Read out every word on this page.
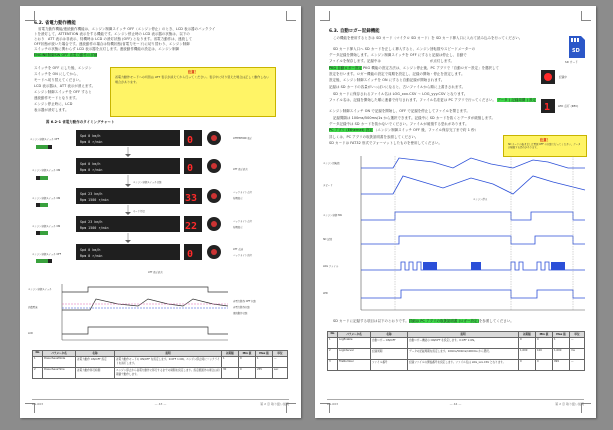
6.2. 省電力動作機能
省電力動作機能/連続動作機能は、エンジン制御スイッチ OFF（エンジン停止）のとき、LCD 表示器のバックライ
トを消灯して、ATTENTION 表示をする機能です。エンジン停止時の LCD 表示器の状態は、以下の
とおり　ATT 表示は非表示、待機時は LCD の消灯状態 (OFF) となります。省電力動作は、連続して
OFF状態が続いた場合です。連続動作の場合は待機状態(省電力モード)に切り替わり、エンジン制御
スイッチの状態に関わらず LCD 表示器を点灯します。連続動作機能の設定は、エンジン制御
ENGINE制御SW OFF 省電力動作の詳細
スイッチを OFF にした後、エンジン
スイッチを ON にしてから、
モードへ切り替えてください。
LCD 表示器は、ATT 表示が消えます。
エンジン制御スイッチを OFF すると
連続動作モードとなります。
エンジン停止時に、LCD
表示器が消灯します。
注意！
省電力動作モードへの切替は ATT 表示が消えてから行ってください。表示中に切り替えた場合は正しく動作しない場合があります。
図 6.2-1 省電力動作のタイミングチャート
エンジン制御スイッチ OFF	ATTENTION 表示
ATT 表示消去
Spd 0 km/h
Rpm 0 r/min	0
エンジン制御スイッチ ON
Spd 0 km/h
Rpm 0 r/min	0
エンジン制御スイッチ状態
エンジン制御スイッチ ON
Spd 23 km/h
Rpm 1500 r/min	33
バックライト点灯
待機表示
モード切替
エンジン制御スイッチ ON
Spd 23 km/h
Rpm 1500 r/min	22	バックライト点灯
待機表示
エンジン制御スイッチ OFF
Spd 0 km/h
Rpm 0 r/min	0	ATT 点滅
バックライト消灯
ATT 表示消去
エンジン制御スイッチ
消費電流
LCD
省電力動作 OFF 状態
省電力動作状態
連続動作状態
No	パラメータ名	名称	説明	初期値	Min 値	Max 値	単位
1	PowerSaveMode	省電力動作 ON/OFF 設定	省電力動作モードの ON/OFF を設定します。0:OFF 1:ON。エンジン停止時にバックライトを消灯します。	1	0	1	—
2	PowerSaveTime	省電力動作移行時間	エンジン停止から省電力動作に移行するまでの時間を設定します。設定範囲外の場合は初期値で動作します。	30	0	255	sec
DS-003	— 43 —	第 2 章 取り扱い説明
6.3. 自動ロガー記録機能
この機能を使用するときは SD カード（マイクロ SD カード）を SD カード挿入口に入れて読み込みを行ってください。
SD カード挿入口へ SD カードを正しく挿入すると、エンジン回転数やスピードメーターの
データ記録を開始します。エンジン制御スイッチを OFF にすると記録は停止し、自動で
ファイルを保存します。記録中は　　　　　　　　　　　　　　が点灯します。
PKG 自動ロガー設定 PKG 機能の設定方法は、エンジン停止後、PC アプリで「自動ロガー設定」を選択して
設定を行います。ロガー機能の設定で周期を設定し、記録の開始・停止を設定します。
設定後、エンジン制御スイッチを ON にすると自動記録が開始されます。
記録は SD カードの容量がいっぱいになると、古いファイルから順に上書きされます。
SD カードに保存されるファイル名は LOG_xxx.CSV 〜 LOG_yyy.CSV となります。
ファイル名は、記録を開始した順に連番で付与されます。ファイル名変更は PC アプリで行ってください。 データ ( 記録周期 ) 設定
エンジン制御スイッチ ON で記録を開始し、OFF で記録を停止してファイルを閉じます。
記録間隔は 100ms/500ms/1s から選択できます。記録中に SD カードを抜くとデータが破損します。
データ記録中は SD カードを抜かないでください。ファイルが破損する恐れがあります。
PC アプリ (Ethernet) 設定 （エンジン制御スイッチ OFF 後、ファイル保存完了まで約 1 秒）
詳しくは、PC アプリの取扱説明書を参照してください。
SD カードは FAT32 形式でフォーマットしたものを使用してください。
SD
SD カード
記録中
1	LED 点灯 (REC)
注意！
SD カードの抜き差しは電源 OFF の状態で行ってください。データが破損する恐れがあります。
エンジン回転数
スピード
エンジン制御 SW
SD 記録
LOG ファイル
LED
エンジン停止
SD カードに記録する項目は以下のとおりです。詳細は PC アプリの取扱説明書 (ロガー設定)を参照してください。
No	パラメータ名	名称	説明	初期値	Min 値	Max 値	単位
1	LogEnable	自動ロガー ON/OFF	自動ロガー機能の ON/OFF を設定します。0:OFF 1:ON。	0	0	1	—
2	LogInterval	記録周期	データの記録周期を設定します。100ms/500ms/1000ms から選択。	1,000	100	1,000	ms
3	FileNumber	ファイル番号	記録ファイルの開始番号を設定します。ファイル名は LOG_xxx.CSV となります。	0	0	999	—
DS-003	— 44 —	第 2 章 取り扱い説明
